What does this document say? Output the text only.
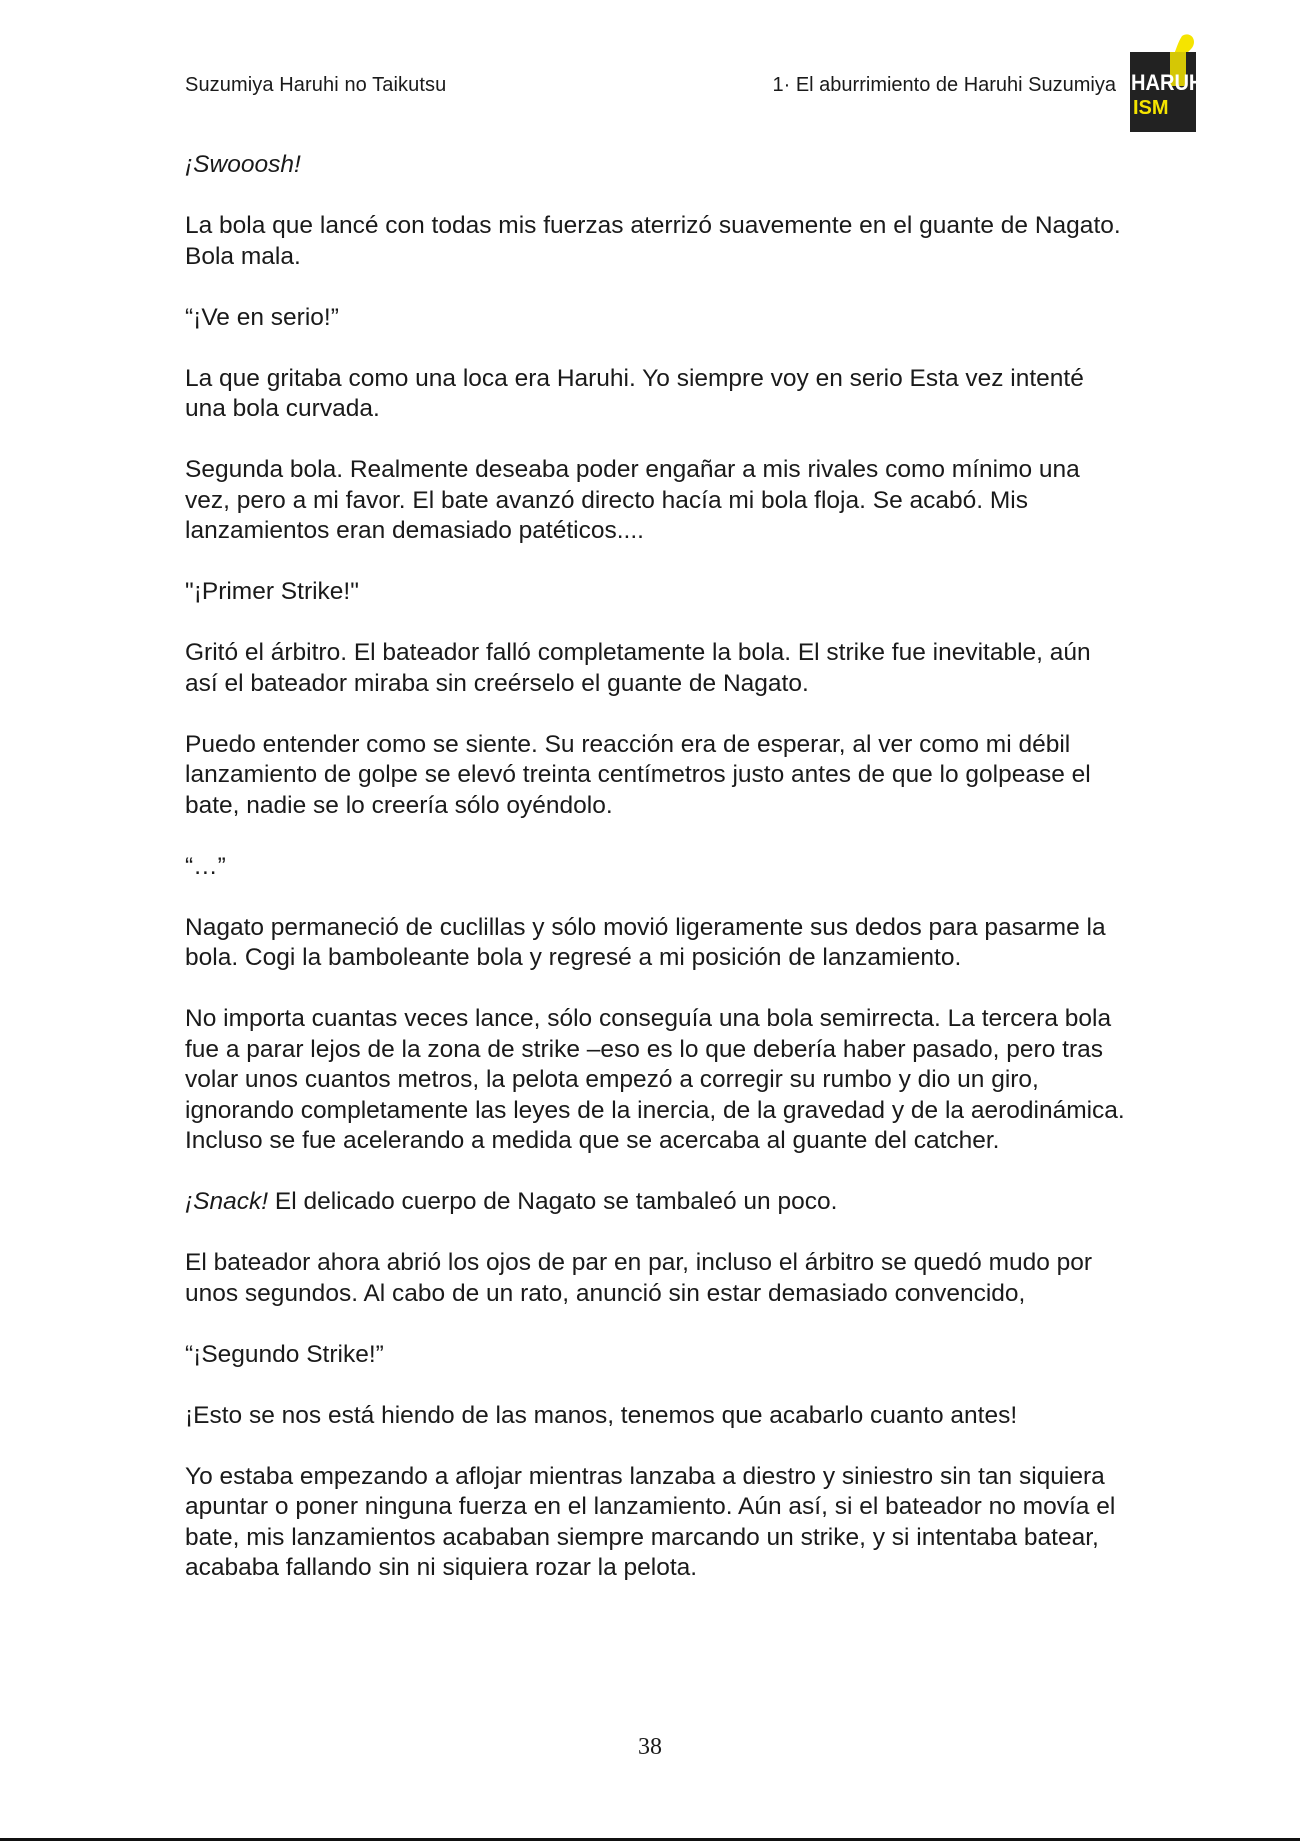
Suzumiya Haruhi no Taikutsu	1· El aburrimiento de Haruhi Suzumiya HARUHI
ISM

¡Swooosh!

La bola que lancé con todas mis fuerzas aterrizó suavemente en el guante de Nagato. Bola mala.

“¡Ve en serio!”

La que gritaba como una loca era Haruhi. Yo siempre voy en serio Esta vez intenté una bola curvada.

Segunda bola. Realmente deseaba poder engañar a mis rivales como mínimo una vez, pero a mi favor. El bate avanzó directo hacía mi bola floja. Se acabó. Mis lanzamientos eran demasiado patéticos....

"¡Primer Strike!"

Gritó el árbitro. El bateador falló completamente la bola. El strike fue inevitable, aún así el bateador miraba sin creérselo el guante de Nagato.

Puedo entender como se siente. Su reacción era de esperar, al ver como mi débil lanzamiento de golpe se elevó treinta centímetros justo antes de que lo golpease el bate, nadie se lo creería sólo oyéndolo.

“…”

Nagato permaneció de cuclillas y sólo movió ligeramente sus dedos para pasarme la bola. Cogi la bamboleante bola y regresé a mi posición de lanzamiento.

No importa cuantas veces lance, sólo conseguía una bola semirrecta. La tercera bola fue a parar lejos de la zona de strike –eso es lo que debería haber pasado, pero tras volar unos cuantos metros, la pelota empezó a corregir su rumbo y dio un giro, ignorando completamente las leyes de la inercia, de la gravedad y de la aerodinámica. Incluso se fue acelerando a medida que se acercaba al guante del catcher.

¡Snack! El delicado cuerpo de Nagato se tambaleó un poco.

El bateador ahora abrió los ojos de par en par, incluso el árbitro se quedó mudo por unos segundos. Al cabo de un rato, anunció sin estar demasiado convencido,

“¡Segundo Strike!”

¡Esto se nos está hiendo de las manos, tenemos que acabarlo cuanto antes!

Yo estaba empezando a aflojar mientras lanzaba a diestro y siniestro sin tan siquiera apuntar o poner ninguna fuerza en el lanzamiento. Aún así, si el bateador no movía el bate, mis lanzamientos acababan siempre marcando un strike, y si intentaba batear, acababa fallando sin ni siquiera rozar la pelota.

38
